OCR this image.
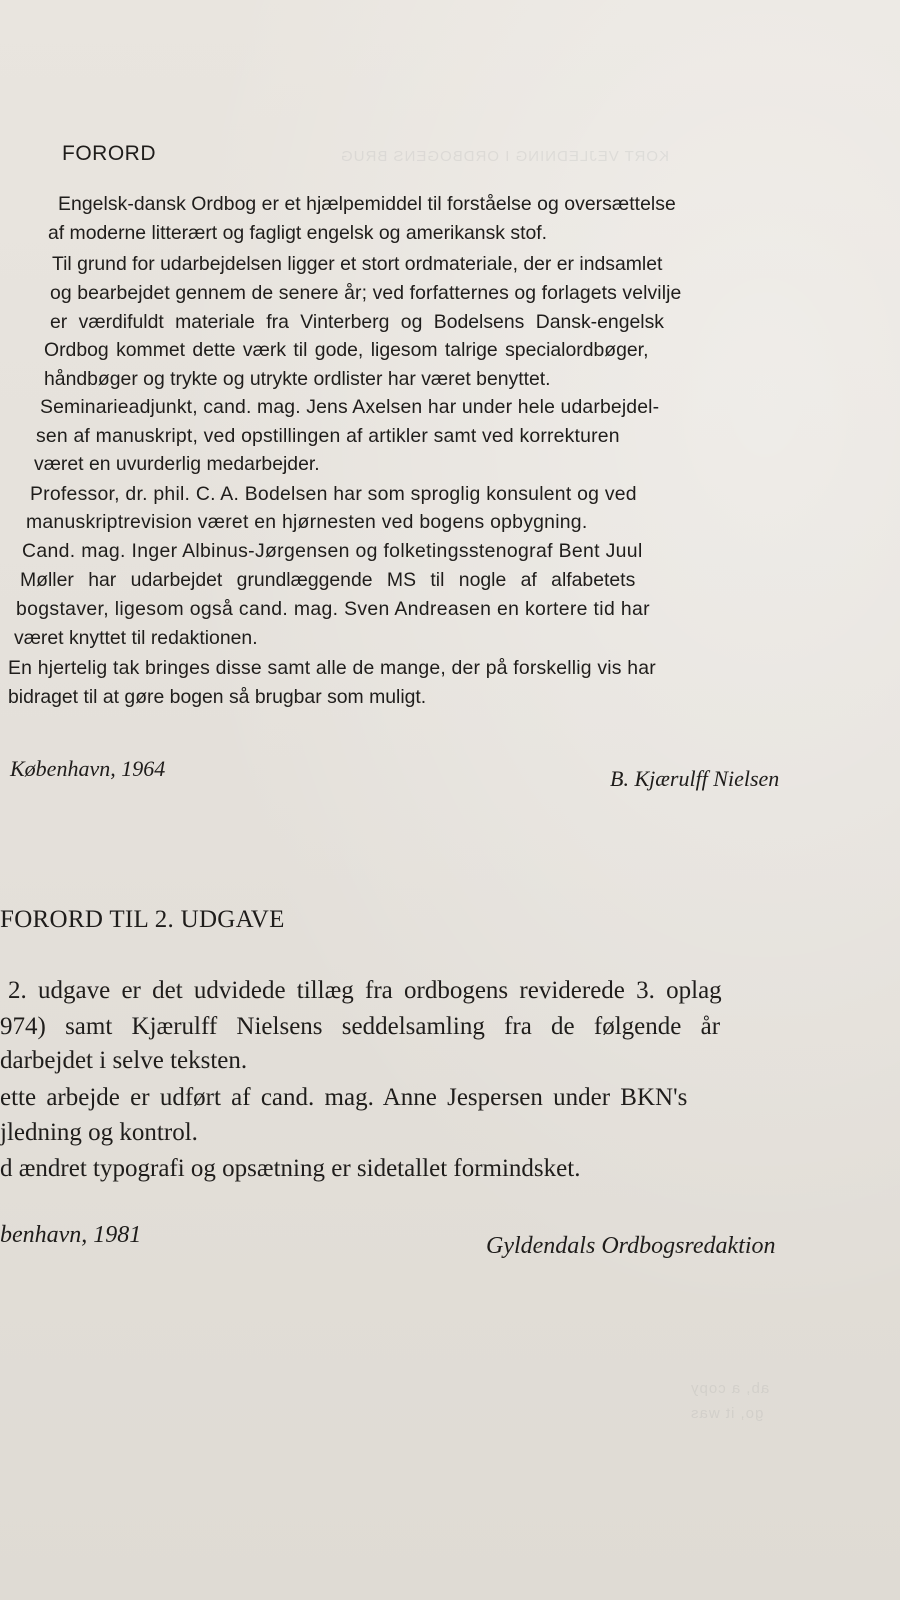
KORT VEJLEDNING I ORDBOGENS BRUG
ab, a copy
go, it was
FORORD
Engelsk-dansk Ordbog er et hjælpemiddel til forståelse og oversættelse
af moderne litterært og fagligt engelsk og amerikansk stof.
Til grund for udarbejdelsen ligger et stort ordmateriale, der er indsamlet
og bearbejdet gennem de senere år; ved forfatternes og forlagets velvilje
er værdifuldt materiale fra Vinterberg og Bodelsens Dansk-engelsk
Ordbog kommet dette værk til gode, ligesom talrige specialordbøger,
håndbøger og trykte og utrykte ordlister har været benyttet.
Seminarieadjunkt, cand. mag. Jens Axelsen har under hele udarbejdel-
sen af manuskript, ved opstillingen af artikler samt ved korrekturen
været en uvurderlig medarbejder.
Professor, dr. phil. C. A. Bodelsen har som sproglig konsulent og ved
manuskriptrevision været en hjørnesten ved bogens opbygning.
Cand. mag. Inger Albinus-Jørgensen og folketingsstenograf Bent Juul
Møller har udarbejdet grundlæggende MS til nogle af alfabetets
bogstaver, ligesom også cand. mag. Sven Andreasen en kortere tid har
været knyttet til redaktionen.
En hjertelig tak bringes disse samt alle de mange, der på forskellig vis har
bidraget til at gøre bogen så brugbar som muligt.
København, 1964	B. Kjærulff Nielsen
FORORD TIL 2. UDGAVE
2. udgave er det udvidede tillæg fra ordbogens reviderede 3. oplag
974) samt Kjærulff Nielsens seddelsamling fra de følgende år
darbejdet i selve teksten.
ette arbejde er udført af cand. mag. Anne Jespersen under BKN's
jledning og kontrol.
d ændret typografi og opsætning er sidetallet formindsket.
benhavn, 1981	Gyldendals Ordbogsredaktion
